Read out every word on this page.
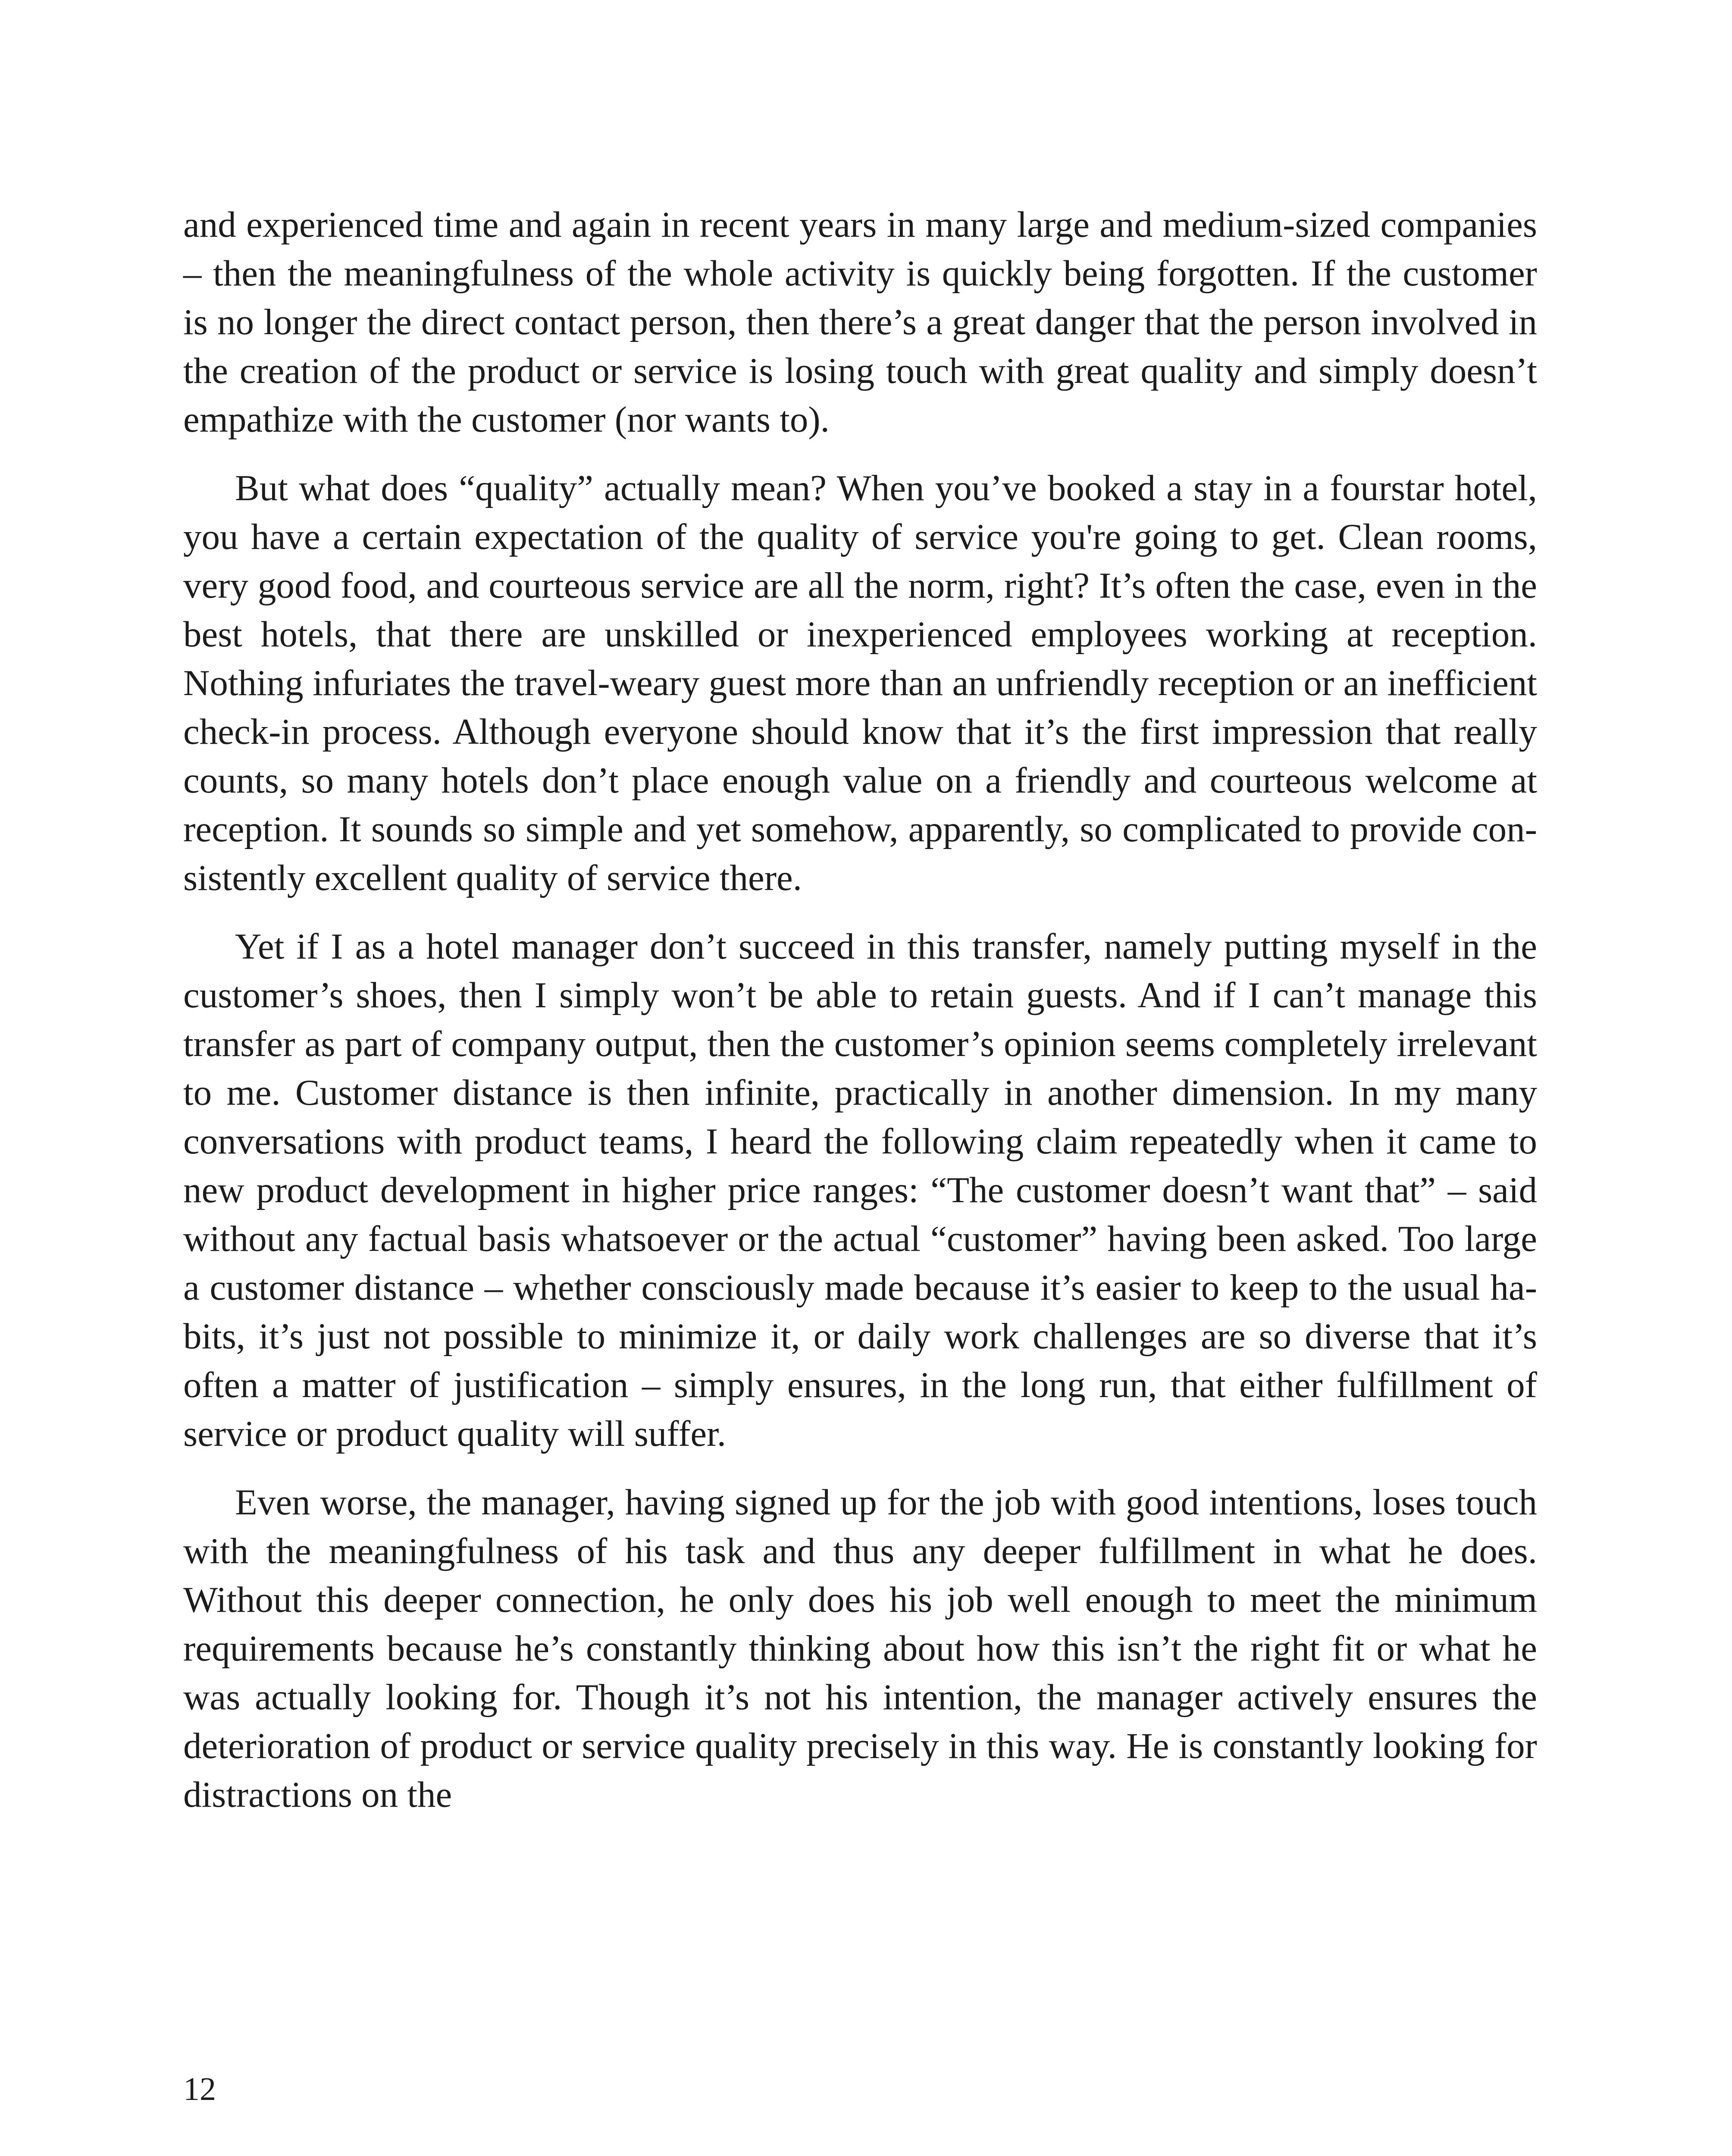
and experienced time and again in recent years in many large and medium-sized companies – then the meaningfulness of the whole activity is quickly being forgotten. If the customer is no longer the direct contact person, then there’s a great danger that the person involved in the creation of the product or service is losing touch with great quality and simply doesn’t empathize with the customer (nor wants to).

But what does “quality” actually mean? When you’ve booked a stay in a fourstar hotel, you have a certain expectation of the quality of service you're going to get. Clean rooms, very good food, and courteous service are all the norm, right? It’s often the case, even in the best hotels, that there are unskilled or inexperienced employees working at reception. Nothing infuriates the travel-weary guest more than an unfriendly reception or an inefficient check-in process. Although everyone should know that it’s the first impression that really counts, so many hotels don’t place enough value on a friendly and courteous welcome at reception. It sounds so simple and yet somehow, apparently, so complicated to provide consistently excellent quality of service there.

Yet if I as a hotel manager don’t succeed in this transfer, namely putting myself in the customer’s shoes, then I simply won’t be able to retain guests. And if I can’t manage this transfer as part of company output, then the customer’s opinion seems completely irrelevant to me. Customer distance is then infinite, practically in another dimension. In my many conversations with product teams, I heard the following claim repeatedly when it came to new product development in higher price ranges: “The customer doesn’t want that” – said without any factual basis whatsoever or the actual “customer” having been asked. Too large a customer distance – whether consciously made because it’s easier to keep to the usual habits, it’s just not possible to minimize it, or daily work challenges are so diverse that it’s often a matter of justification – simply ensures, in the long run, that either fulfillment of service or product quality will suffer.

Even worse, the manager, having signed up for the job with good intentions, loses touch with the meaningfulness of his task and thus any deeper fulfillment in what he does. Without this deeper connection, he only does his job well enough to meet the minimum requirements because he’s constantly thinking about how this isn’t the right fit or what he was actually looking for. Though it’s not his intention, the manager actively ensures the deterioration of product or service quality precisely in this way. He is constantly looking for distractions on the

12
